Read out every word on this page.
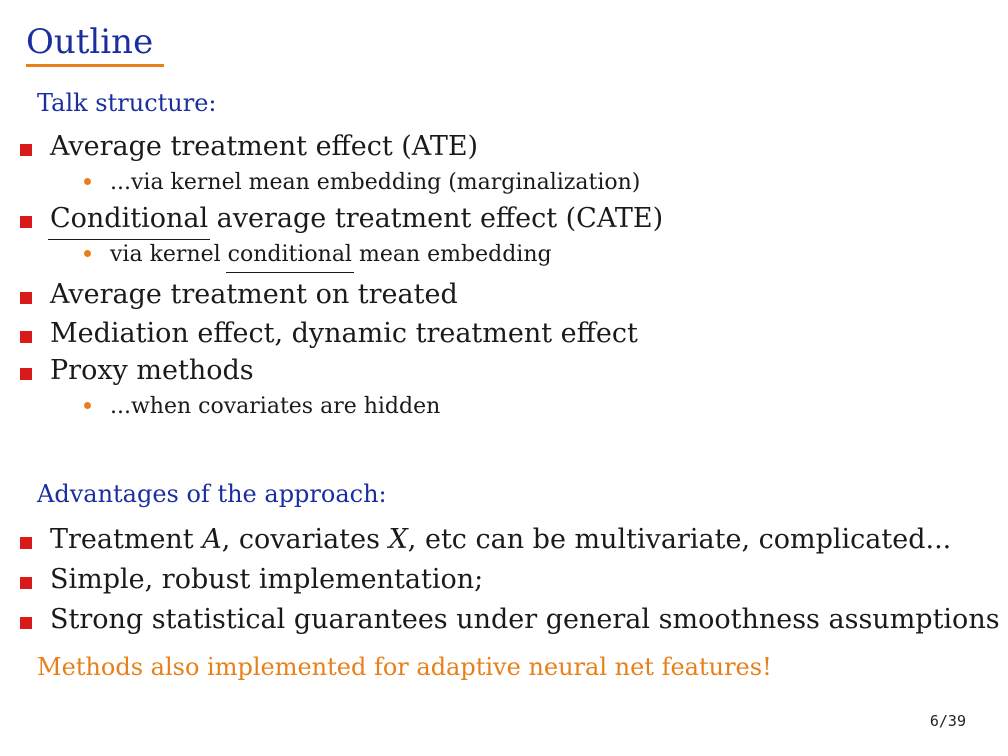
Outline
Talk structure:
Average treatment effect (ATE)
...via kernel mean embedding (marginalization)
Conditional average treatment effect (CATE)
via kernel conditional mean embedding
Average treatment on treated
Mediation effect, dynamic treatment effect
Proxy methods
...when covariates are hidden
Advantages of the approach:
Treatment A, covariates X, etc can be multivariate, complicated...
Simple, robust implementation;
Strong statistical guarantees under general smoothness assumptions
Methods also implemented for adaptive neural net features!
6/39
